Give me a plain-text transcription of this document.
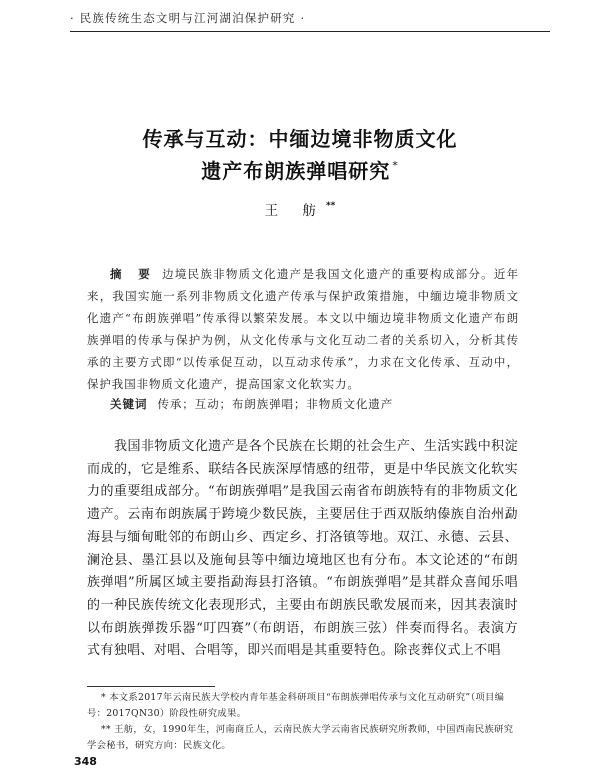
· 民族传统生态文明与江河湖泊保护研究 ·
传承与互动：中缅边境非物质文化
遗产布朗族弹唱研究 *
王 舫**
摘 要 边境民族非物质文化遗产是我国文化遗产的重要构成部分。近年来，我国实施一系列非物质文化遗产传承与保护政策措施，中缅边境非物质文化遗产“布朗族弹唱”传承得以繁荣发展。本文以中缅边境非物质文化遗产布朗族弹唱的传承与保护为例，从文化传承与文化互动二者的关系切入，分析其传承的主要方式即“以传承促互动，以互动求传承”，力求在文化传承、互动中，保护我国非物质文化遗产，提高国家文化软实力。
关键词 传承；互动；布朗族弹唱；非物质文化遗产
我国非物质文化遗产是各个民族在长期的社会生产、生活实践中积淀而成的，它是维系、联结各民族深厚情感的纽带，更是中华民族文化软实力的重要组成部分。“布朗族弹唱”是我国云南省布朗族特有的非物质文化遗产。云南布朗族属于跨境少数民族，主要居住于西双版纳傣族自治州勐海县与缅甸毗邻的布朗山乡、西定乡、打洛镇等地。双江、永德、云县、澜沧县、墨江县以及施甸县等中缅边境地区也有分布。本文论述的“布朗族弹唱”所属区域主要指勐海县打洛镇。“布朗族弹唱”是其群众喜闻乐唱的一种民族传统文化表现形式，主要由布朗族民歌发展而来，因其表演时以布朗族弹拨乐器“叮四赛”（布朗语，布朗族三弦）伴奏而得名。表演方式有独唱、对唱、合唱等，即兴而唱是其重要特色。除丧葬仪式上不唱
* 本文系2017年云南民族大学校内青年基金科研项目“布朗族弹唱传承与文化互动研究”（项目编号：2017QN30）阶段性研究成果。
** 王舫，女，1990年生，河南商丘人，云南民族大学云南省民族研究所教师，中国西南民族研究学会秘书，研究方向：民族文化。
348
